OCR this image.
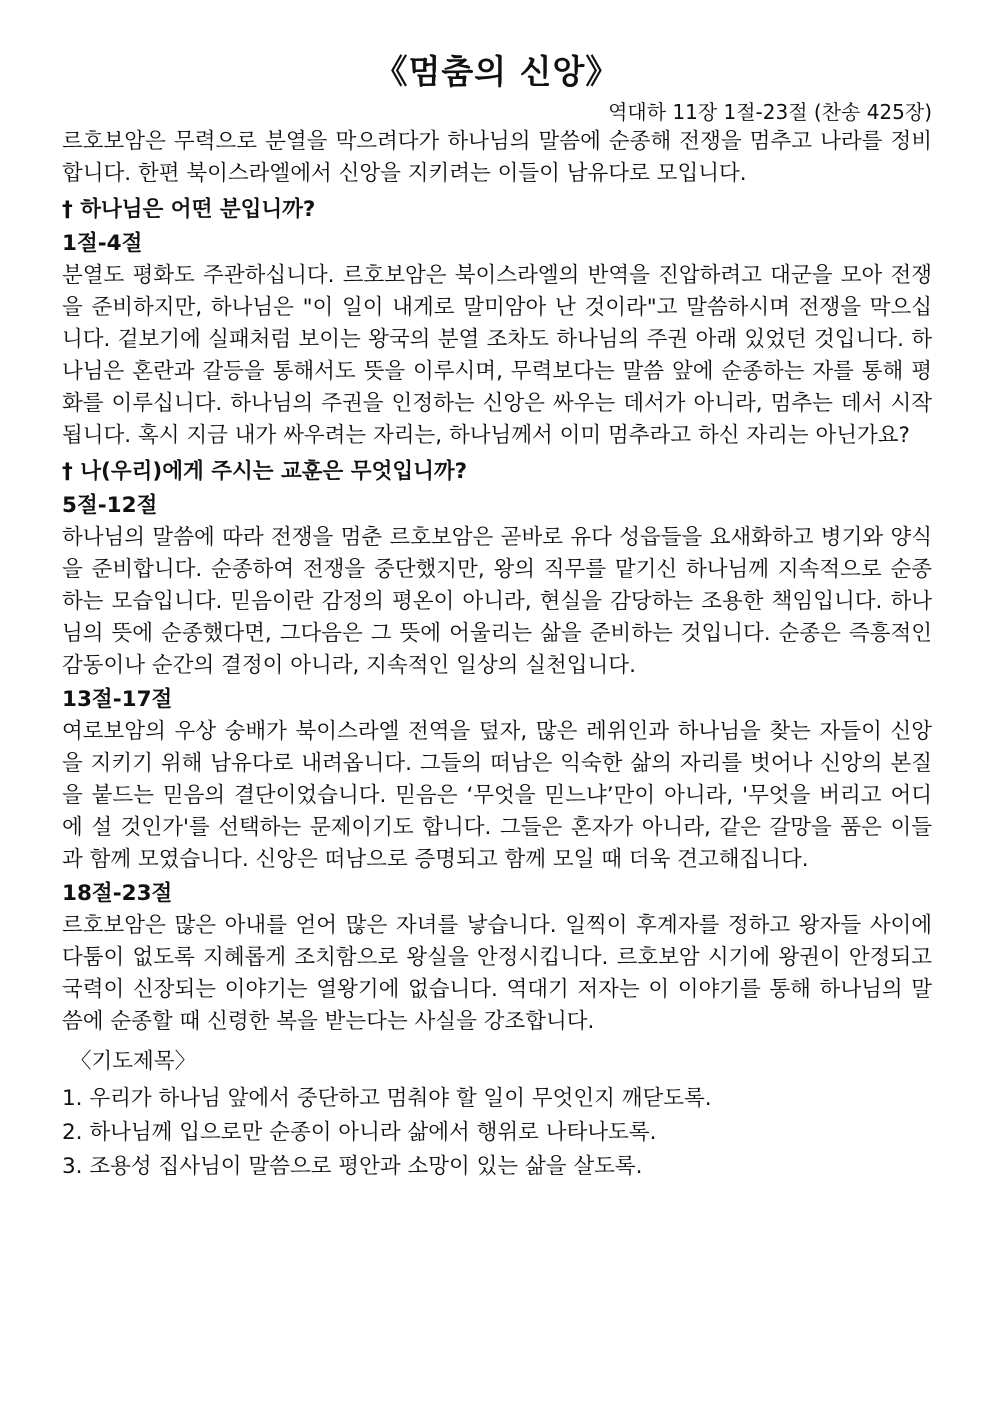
《멈춤의 신앙》
역대하 11장 1절-23절 (찬송 425장)

르호보암은 무력으로 분열을 막으려다가 하나님의 말씀에 순종해 전쟁을 멈추고 나라를 정비합니다. 한편 북이스라엘에서 신앙을 지키려는 이들이 남유다로 모입니다.

† 하나님은 어떤 분입니까?
1절-4절

분열도 평화도 주관하십니다. 르호보암은 북이스라엘의 반역을 진압하려고 대군을 모아 전쟁을 준비하지만, 하나님은 "이 일이 내게로 말미암아 난 것이라"고 말씀하시며 전쟁을 막으십니다. 겉보기에 실패처럼 보이는 왕국의 분열 조차도 하나님의 주권 아래 있었던 것입니다. 하나님은 혼란과 갈등을 통해서도 뜻을 이루시며, 무력보다는 말씀 앞에 순종하는 자를 통해 평화를 이루십니다. 하나님의 주권을 인정하는 신앙은 싸우는 데서가 아니라, 멈추는 데서 시작됩니다. 혹시 지금 내가 싸우려는 자리는, 하나님께서 이미 멈추라고 하신 자리는 아닌가요?

† 나(우리)에게 주시는 교훈은 무엇입니까?
5절-12절

하나님의 말씀에 따라 전쟁을 멈춘 르호보암은 곧바로 유다 성읍들을 요새화하고 병기와 양식을 준비합니다. 순종하여 전쟁을 중단했지만, 왕의 직무를 맡기신 하나님께 지속적으로 순종하는 모습입니다. 믿음이란 감정의 평온이 아니라, 현실을 감당하는 조용한 책임입니다. 하나님의 뜻에 순종했다면, 그다음은 그 뜻에 어울리는 삶을 준비하는 것입니다. 순종은 즉흥적인 감동이나 순간의 결정이 아니라, 지속적인 일상의 실천입니다.

13절-17절

여로보암의 우상 숭배가 북이스라엘 전역을 덮자, 많은 레위인과 하나님을 찾는 자들이 신앙을 지키기 위해 남유다로 내려옵니다. 그들의 떠남은 익숙한 삶의 자리를 벗어나 신앙의 본질을 붙드는 믿음의 결단이었습니다. 믿음은 ‘무엇을 믿느냐’만이 아니라, '무엇을 버리고 어디에 설 것인가'를 선택하는 문제이기도 합니다. 그들은 혼자가 아니라, 같은 갈망을 품은 이들과 함께 모였습니다. 신앙은 떠남으로 증명되고 함께 모일 때 더욱 견고해집니다.

18절-23절

르호보암은 많은 아내를 얻어 많은 자녀를 낳습니다. 일찍이 후계자를 정하고 왕자들 사이에 다툼이 없도록 지혜롭게 조치함으로 왕실을 안정시킵니다. 르호보암 시기에 왕권이 안정되고 국력이 신장되는 이야기는 열왕기에 없습니다. 역대기 저자는 이 이야기를 통해 하나님의 말씀에 순종할 때 신령한 복을 받는다는 사실을 강조합니다.

〈기도제목〉
1. 우리가 하나님 앞에서 중단하고 멈춰야 할 일이 무엇인지 깨닫도록.
2. 하나님께 입으로만 순종이 아니라 삶에서 행위로 나타나도록.
3. 조용성 집사님이 말씀으로 평안과 소망이 있는 삶을 살도록.
